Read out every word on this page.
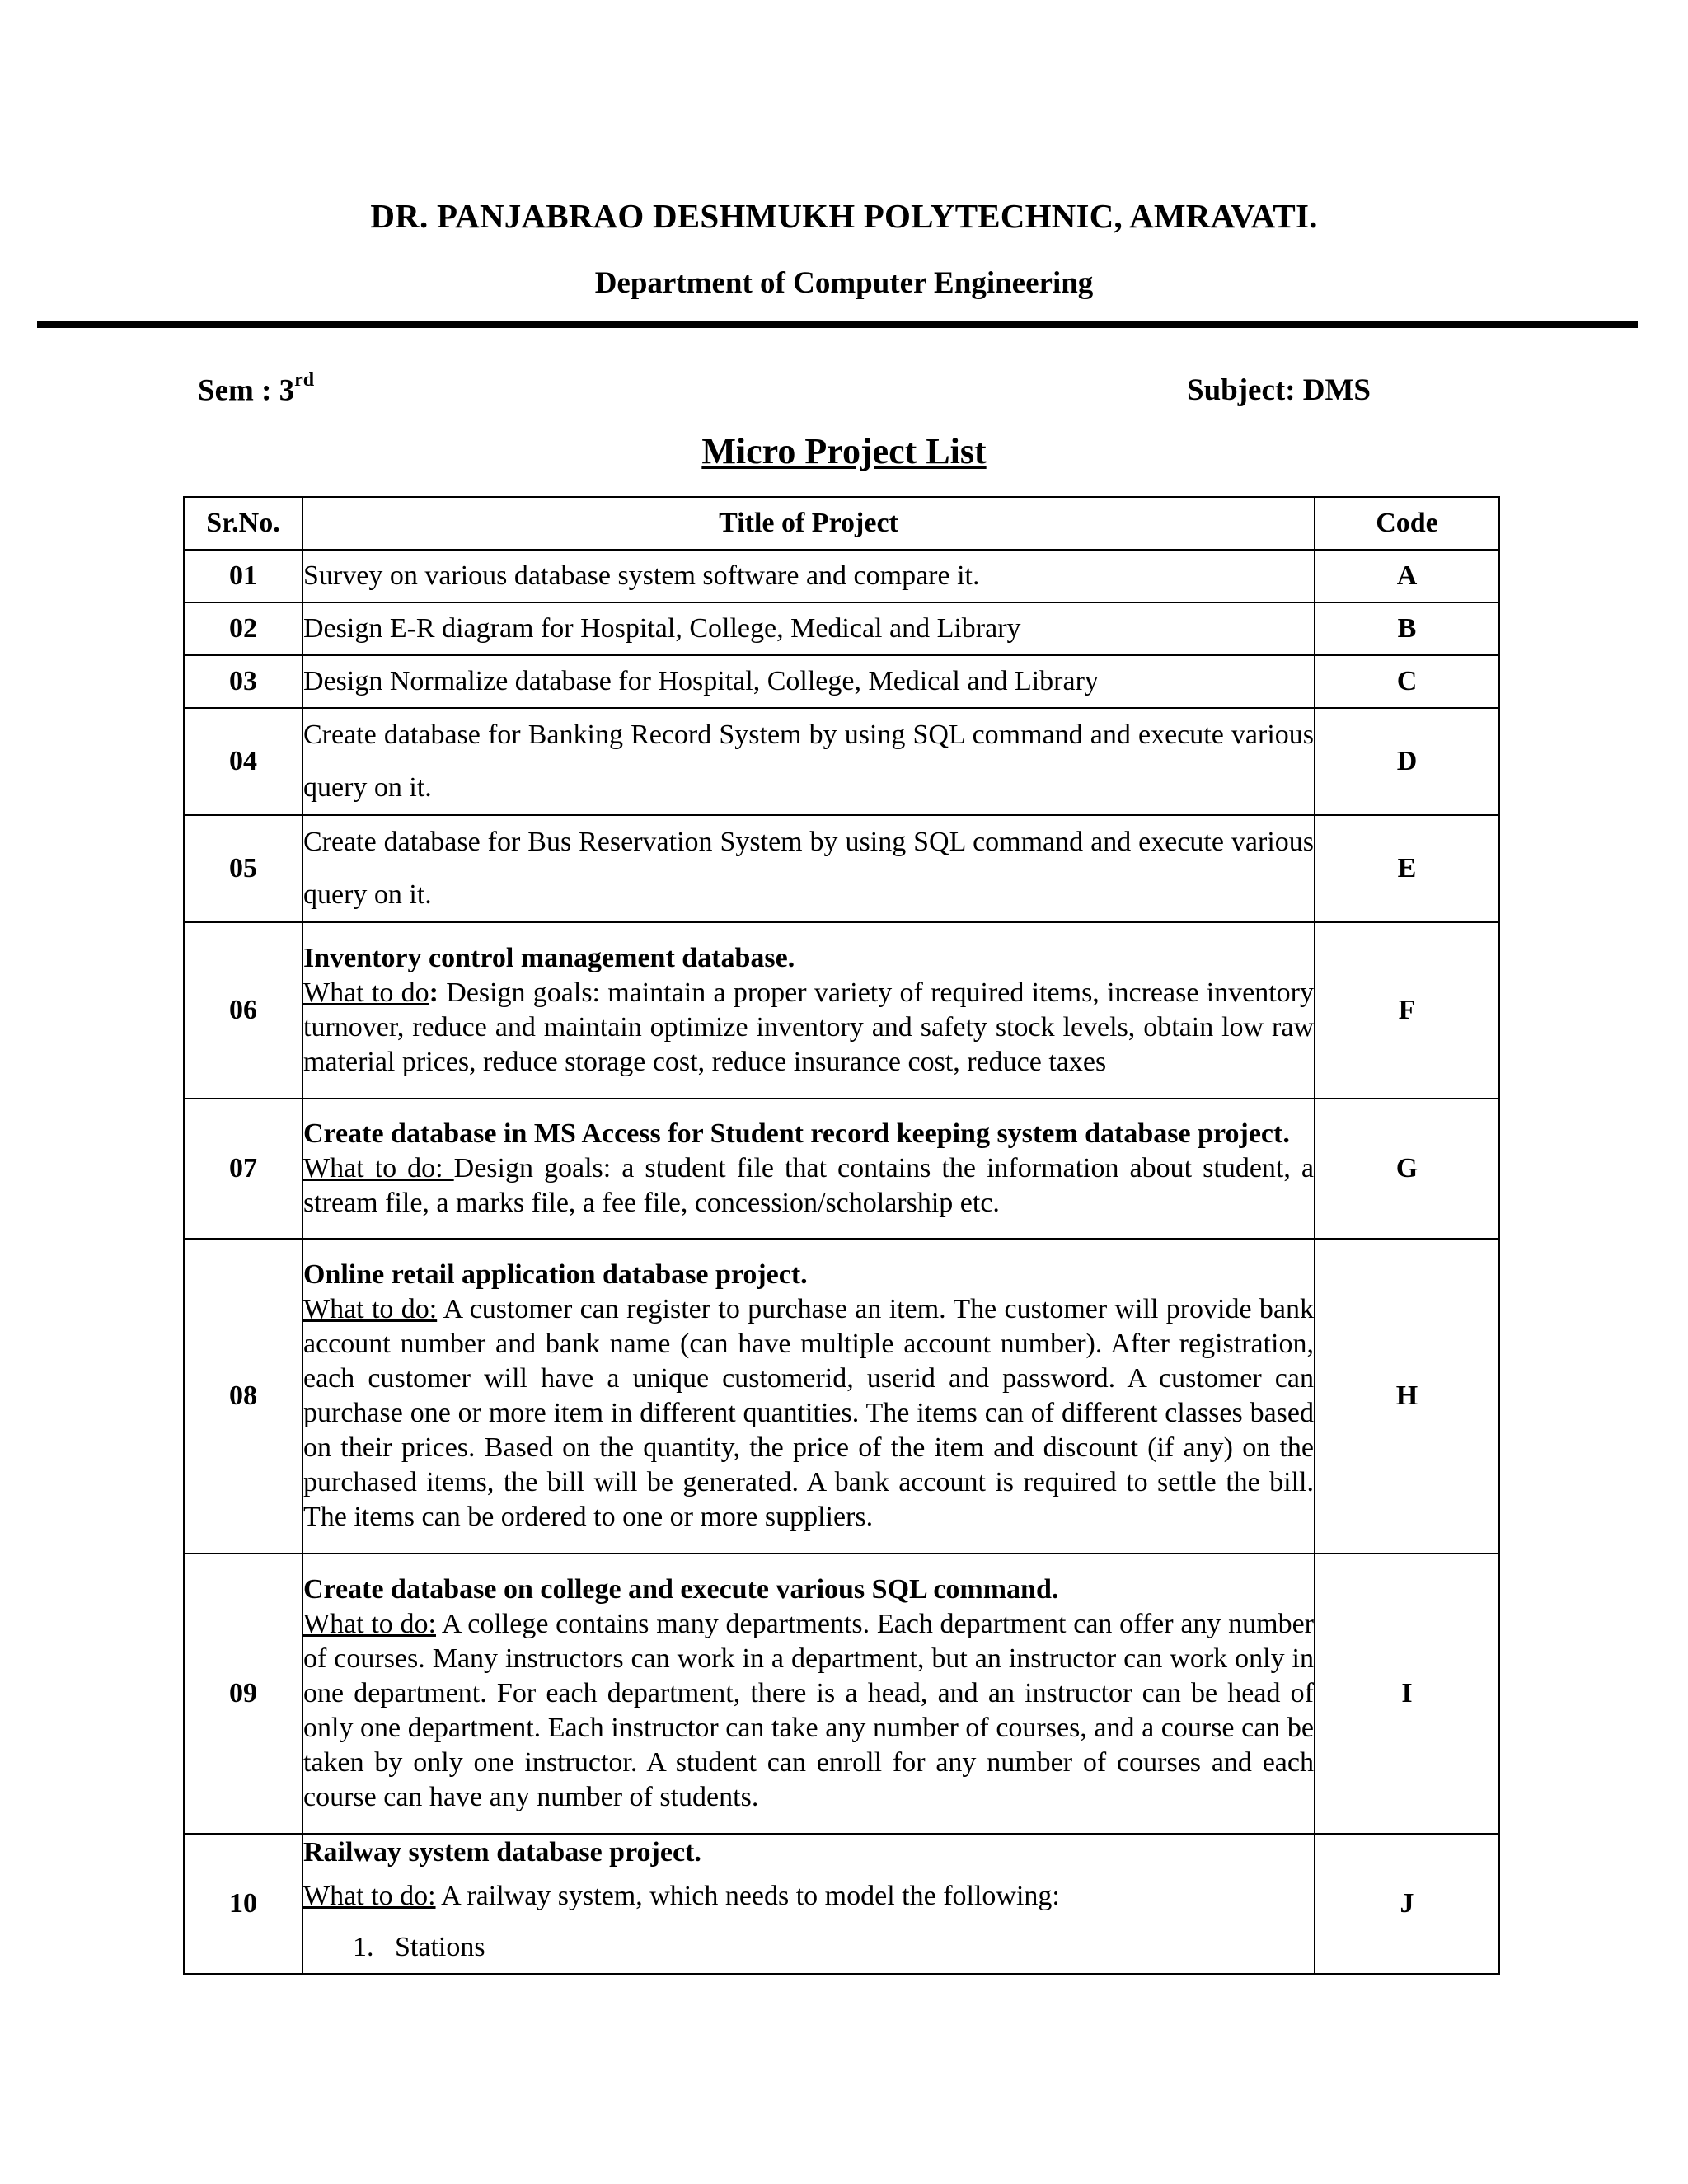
DR. PANJABRAO DESHMUKH POLYTECHNIC, AMRAVATI.
Department of Computer Engineering
Sem : 3rd	Subject: DMS
Micro Project List
Sr.No.	Title of Project	Code
01	Survey on various database system software and compare it.	A
02	Design E-R diagram for Hospital, College, Medical and Library	B
03	Design Normalize database for Hospital, College, Medical and Library	C
04	Create database for Banking Record System by using SQL command and execute various query on it.	D
05	Create database for Bus Reservation System by using SQL command and execute various query on it.	E
06	Inventory control management database.
What to do: Design goals: maintain a proper variety of required items, increase inventory turnover, reduce and maintain optimize inventory and safety stock levels, obtain low raw material prices, reduce storage cost, reduce insurance cost, reduce taxes	F
07	Create database in MS Access for Student record keeping system database project.
What to do: Design goals: a student file that contains the information about student, a stream file, a marks file, a fee file, concession/scholarship etc.	G
08	Online retail application database project.
What to do: A customer can register to purchase an item. The customer will provide bank account number and bank name (can have multiple account number). After registration, each customer will have a unique customerid, userid and password. A customer can purchase one or more item in different quantities. The items can of different classes based on their prices. Based on the quantity, the price of the item and discount (if any) on the purchased items, the bill will be generated. A bank account is required to settle the bill. The items can be ordered to one or more suppliers.	H
09	Create database on college and execute various SQL command.
What to do: A college contains many departments. Each department can offer any number of courses. Many instructors can work in a department, but an instructor can work only in one department. For each department, there is a head, and an instructor can be head of only one department. Each instructor can take any number of courses, and a course can be taken by only one instructor. A student can enroll for any number of courses and each course can have any number of students.	I
10	Railway system database project.
What to do: A railway system, which needs to model the following:
1.   Stations	J
